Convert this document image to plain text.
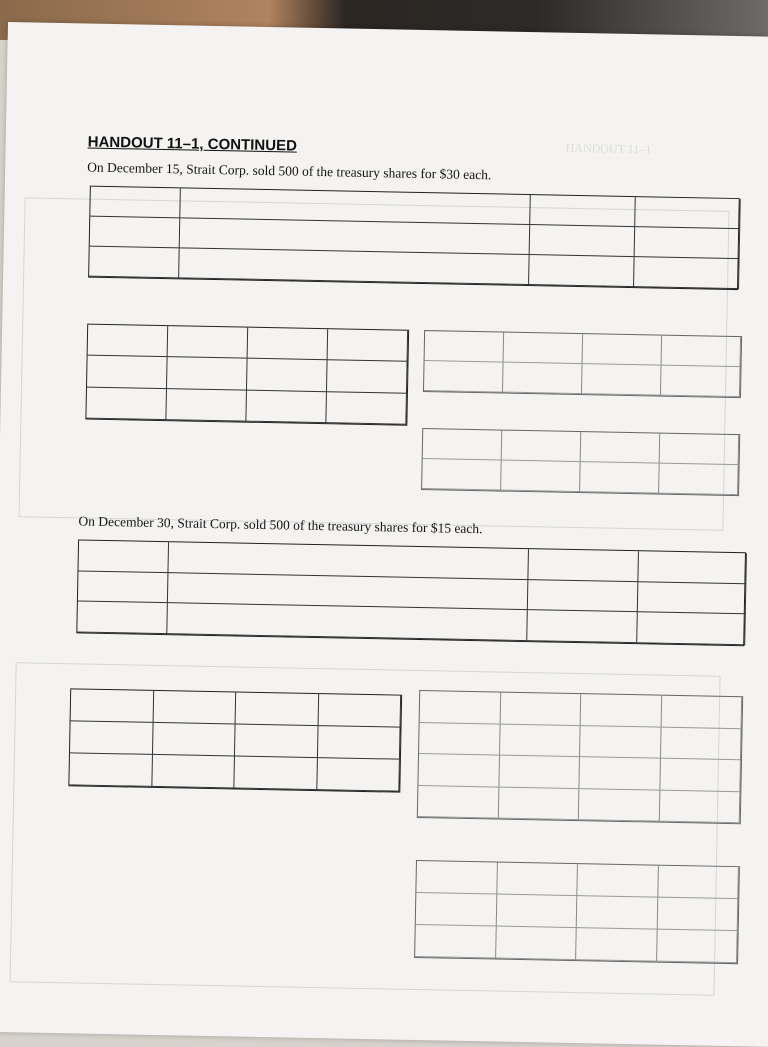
HANDOUT 11–1
HANDOUT 11–1, CONTINUED
On December 15, Strait Corp. sold 500 of the treasury shares for $30 each.
On December 30, Strait Corp. sold 500 of the treasury shares for $15 each.
